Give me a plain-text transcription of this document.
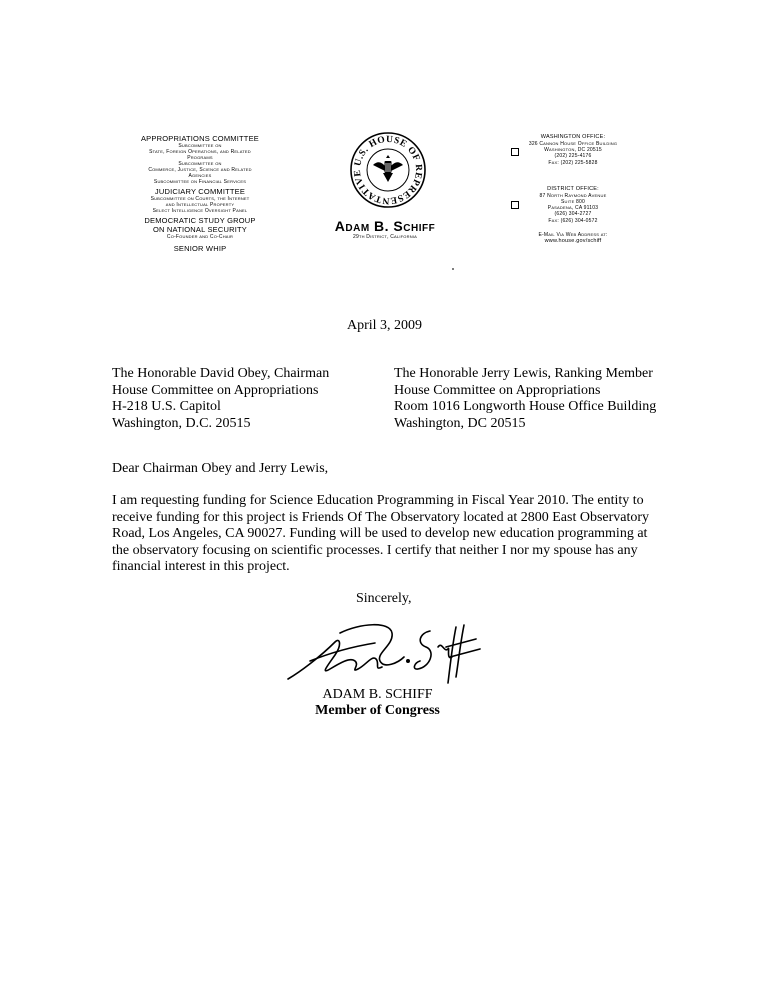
APPROPRIATIONS COMMITTEE
Subcommittee on
State, Foreign Operations, and Related
Programs
Subcommittee on
Commerce, Justice, Science and Related
Agencies
Subcommittee on Financial Services
JUDICIARY COMMITTEE
Subcommittee on Courts, the Internet
and Intellectual Property
Select Intelligence Oversight Panel
DEMOCRATIC STUDY GROUP
ON NATIONAL SECURITY
Co-Founder and Co-Chair
SENIOR WHIP
U.S. HOUSE OF REPRESENTATIVE
Adam B. Schiff
29th District, California
WASHINGTON OFFICE:
326 Cannon House Office Building
Washington, DC 20515
(202) 225-4176
Fax: (202) 225-5828
DISTRICT OFFICE:
87 North Raymond Avenue
Suite 800
Pasadena, CA 91103
(626) 304-2727
Fax: (626) 304-0572
E-Mail Via Web Address at:
www.house.gov/schiff
April 3, 2009
The Honorable David Obey, Chairman
House Committee on Appropriations
H-218 U.S. Capitol
Washington, D.C. 20515
The Honorable Jerry Lewis, Ranking Member
House Committee on Appropriations
Room 1016 Longworth House Office Building
Washington, DC 20515
Dear Chairman Obey and Jerry Lewis,
I am requesting funding for Science Education Programming in Fiscal Year 2010. The entity to receive funding for this project is Friends Of The Observatory located at 2800 East Observatory Road, Los Angeles, CA 90027. Funding will be used to develop new education programming at the observatory focusing on scientific processes. I certify that neither I nor my spouse has any financial interest in this project.
Sincerely,
ADAM B. SCHIFF
Member of Congress
